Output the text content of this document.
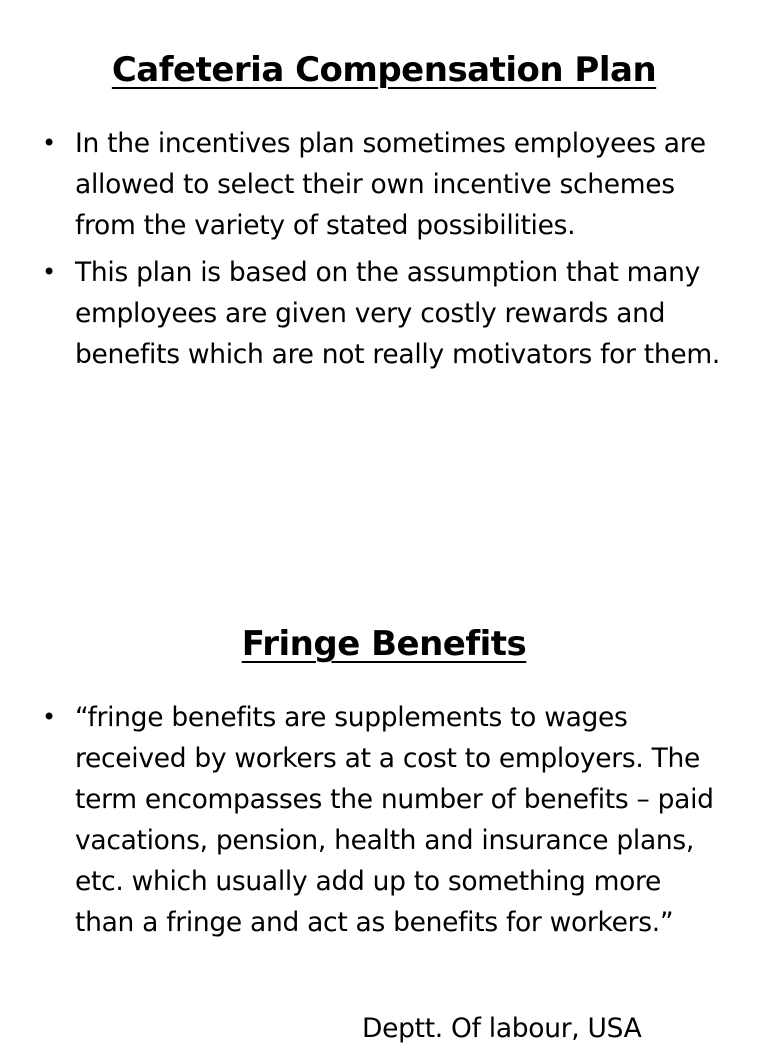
Cafeteria Compensation Plan
• In the incentives plan sometimes employees are allowed to select their own incentive schemes from the variety of stated possibilities.
• This plan is based on the assumption that many employees are given very costly rewards and benefits which are not really motivators for them.
Fringe Benefits
• “fringe benefits are supplements to wages received by workers at a cost to employers. The term encompasses the number of benefits – paid vacations, pension, health and insurance plans, etc. which usually add up to something more than a fringe and act as benefits for workers.”
Deptt. Of labour, USA
